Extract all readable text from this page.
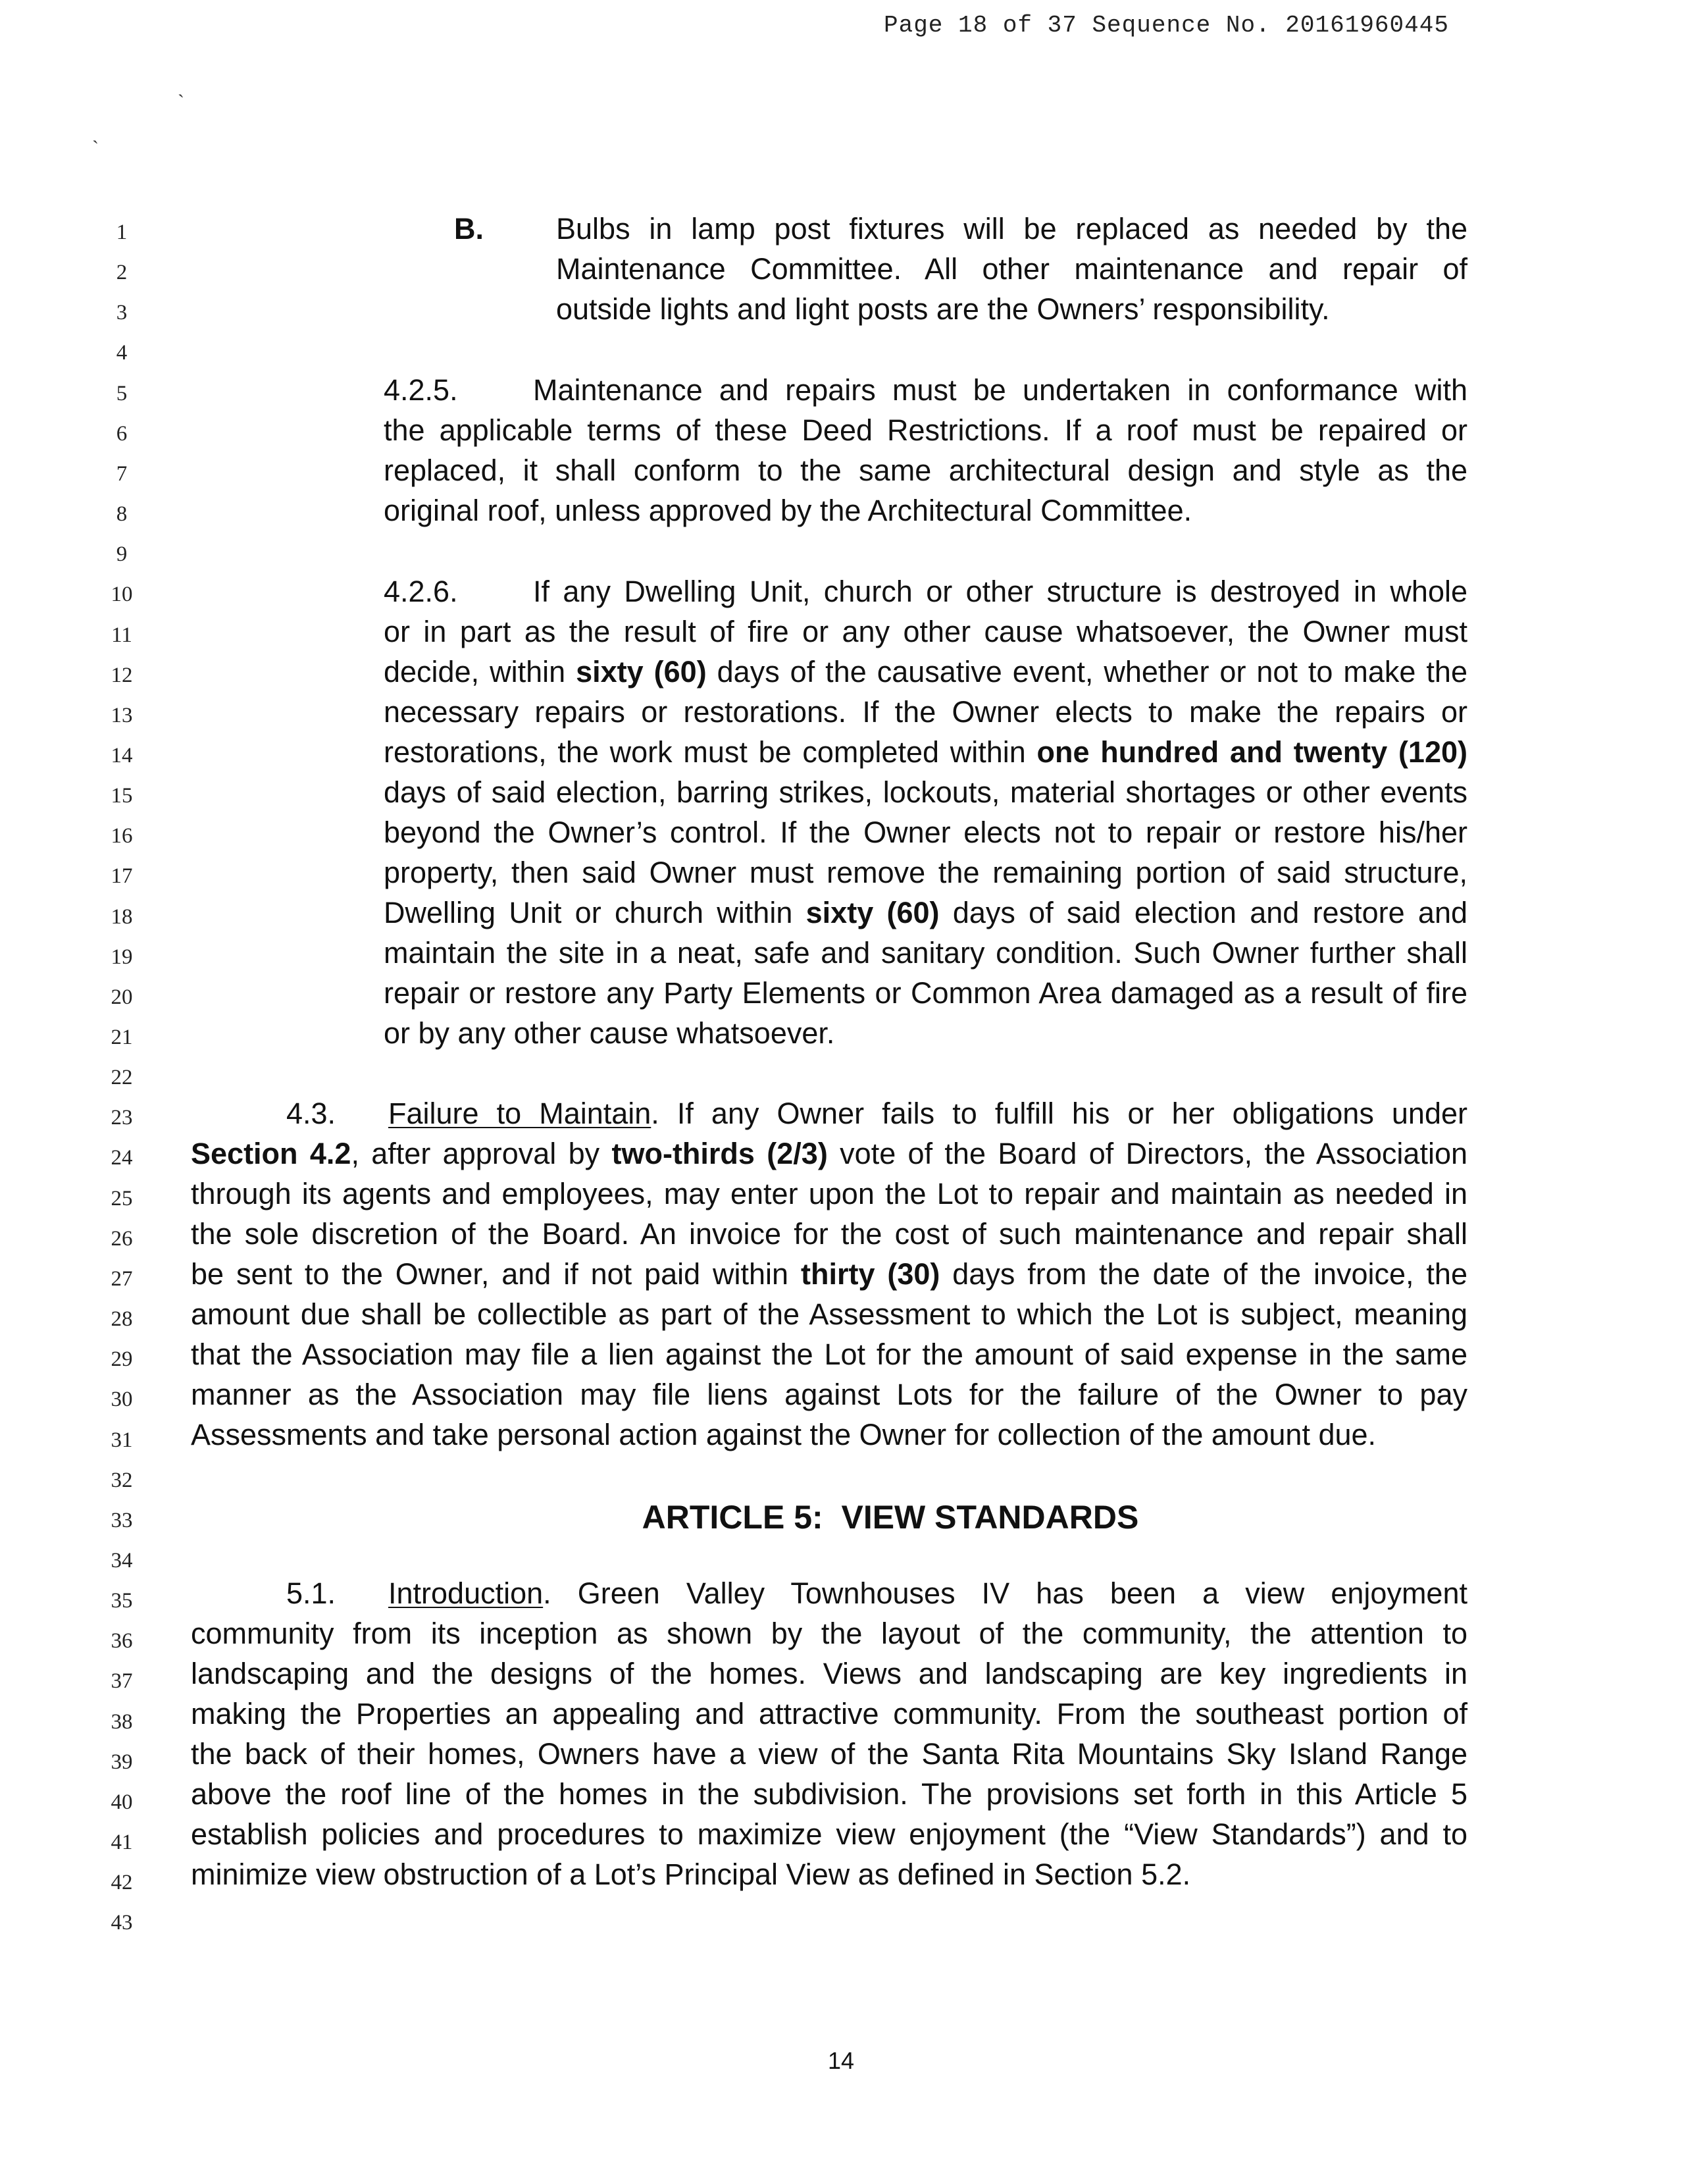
Page 18 of 37 Sequence No. 20161960445
`
`
1
2
3
4
5
6
7
8
9
10
11
12
13
14
15
16
17
18
19
20
21
22
23
24
25
26
27
28
29
30
31
32
33
34
35
36
37
38
39
40
41
42
43
B. Bulbs in lamp post fixtures will be replaced as needed by the
Maintenance Committee. All other maintenance and repair of
outside lights and light posts are the Owners’ responsibility.
4.2.5.	Maintenance and repairs must be undertaken in conformance with
the applicable terms of these Deed Restrictions. If a roof must be repaired or
replaced, it shall conform to the same architectural design and style as the
original roof, unless approved by the Architectural Committee.
4.2.6.	If any Dwelling Unit, church or other structure is destroyed in whole
or in part as the result of fire or any other cause whatsoever, the Owner must
decide, within sixty (60) days of the causative event, whether or not to make the
necessary repairs or restorations. If the Owner elects to make the repairs or
restorations, the work must be completed within one hundred and twenty (120)
days of said election, barring strikes, lockouts, material shortages or other events
beyond the Owner’s control. If the Owner elects not to repair or restore his/her
property, then said Owner must remove the remaining portion of said structure,
Dwelling Unit or church within sixty (60) days of said election and restore and
maintain the site in a neat, safe and sanitary condition. Such Owner further shall
repair or restore any Party Elements or Common Area damaged as a result of fire
or by any other cause whatsoever.
4.3. Failure to Maintain. If any Owner fails to fulfill his or her obligations under
Section 4.2, after approval by two-thirds (2/3) vote of the Board of Directors, the Association
through its agents and employees, may enter upon the Lot to repair and maintain as needed in
the sole discretion of the Board. An invoice for the cost of such maintenance and repair shall
be sent to the Owner, and if not paid within thirty (30) days from the date of the invoice, the
amount due shall be collectible as part of the Assessment to which the Lot is subject, meaning
that the Association may file a lien against the Lot for the amount of said expense in the same
manner as the Association may file liens against Lots for the failure of the Owner to pay
Assessments and take personal action against the Owner for collection of the amount due.
ARTICLE 5: VIEW STANDARDS
5.1. Introduction. Green Valley Townhouses IV has been a view enjoyment
community from its inception as shown by the layout of the community, the attention to
landscaping and the designs of the homes. Views and landscaping are key ingredients in
making the Properties an appealing and attractive community. From the southeast portion of
the back of their homes, Owners have a view of the Santa Rita Mountains Sky Island Range
above the roof line of the homes in the subdivision. The provisions set forth in this Article 5
establish policies and procedures to maximize view enjoyment (the “View Standards”) and to
minimize view obstruction of a Lot’s Principal View as defined in Section 5.2.
14
